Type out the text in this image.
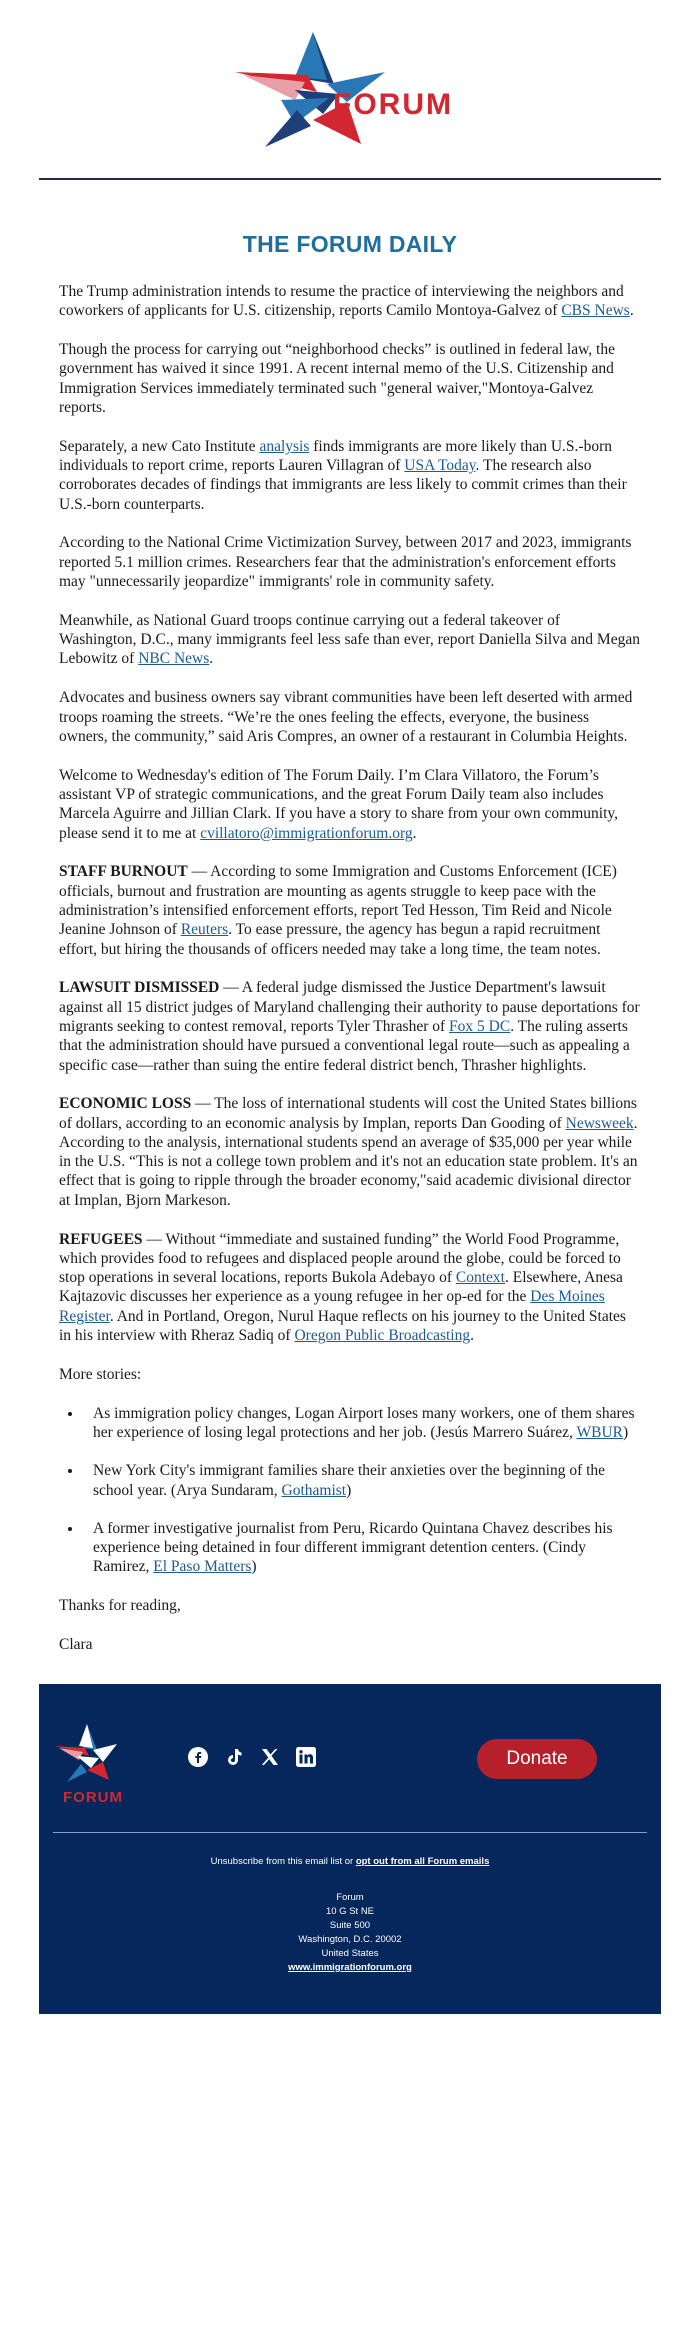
FORUM
THE FORUM DAILY

The Trump administration intends to resume the practice of interviewing the neighbors and coworkers of applicants for U.S. citizenship, reports Camilo Montoya-Galvez of CBS News.

Though the process for carrying out “neighborhood checks” is outlined in federal law, the government has waived it since 1991. A recent internal memo of the U.S. Citizenship and Immigration Services immediately terminated such "general waiver,"Montoya-Galvez reports.

Separately, a new Cato Institute analysis finds immigrants are more likely than U.S.-born individuals to report crime, reports Lauren Villagran of USA Today. The research also corroborates decades of findings that immigrants are less likely to commit crimes than their U.S.-born counterparts.

According to the National Crime Victimization Survey, between 2017 and 2023, immigrants reported 5.1 million crimes. Researchers fear that the administration's enforcement efforts may "unnecessarily jeopardize" immigrants' role in community safety.

Meanwhile, as National Guard troops continue carrying out a federal takeover of Washington, D.C., many immigrants feel less safe than ever, report Daniella Silva and Megan Lebowitz of NBC News.

Advocates and business owners say vibrant communities have been left deserted with armed troops roaming the streets. “We’re the ones feeling the effects, everyone, the business owners, the community,” said Aris Compres, an owner of a restaurant in Columbia Heights.

Welcome to Wednesday's edition of The Forum Daily. I’m Clara Villatoro, the Forum’s assistant VP of strategic communications, and the great Forum Daily team also includes Marcela Aguirre and Jillian Clark. If you have a story to share from your own community, please send it to me at cvillatoro@immigrationforum.org.

STAFF BURNOUT — According to some Immigration and Customs Enforcement (ICE) officials, burnout and frustration are mounting as agents struggle to keep pace with the administration’s intensified enforcement efforts, report Ted Hesson, Tim Reid and Nicole Jeanine Johnson of Reuters. To ease pressure, the agency has begun a rapid recruitment effort, but hiring the thousands of officers needed may take a long time, the team notes.

LAWSUIT DISMISSED — A federal judge dismissed the Justice Department's lawsuit against all 15 district judges of Maryland challenging their authority to pause deportations for migrants seeking to contest removal, reports Tyler Thrasher of Fox 5 DC. The ruling asserts that the administration should have pursued a conventional legal route—such as appealing a specific case—rather than suing the entire federal district bench, Thrasher highlights.

ECONOMIC LOSS — The loss of international students will cost the United States billions of dollars, according to an economic analysis by Implan, reports Dan Gooding of Newsweek. According to the analysis, international students spend an average of $35,000 per year while in the U.S. “This is not a college town problem and it's not an education state problem. It's an effect that is going to ripple through the broader economy,"said academic divisional director at Implan, Bjorn Markeson.

REFUGEES — Without “immediate and sustained funding” the World Food Programme, which provides food to refugees and displaced people around the globe, could be forced to stop operations in several locations, reports Bukola Adebayo of Context. Elsewhere, Anesa Kajtazovic discusses her experience as a young refugee in her op-ed for the Des Moines Register. And in Portland, Oregon, Nurul Haque reflects on his journey to the United States in his interview with Rheraz Sadiq of Oregon Public Broadcasting.

More stories:

• As immigration policy changes, Logan Airport loses many workers, one of them shares her experience of losing legal protections and her job. (Jesús Marrero Suárez, WBUR)
• New York City's immigrant families share their anxieties over the beginning of the school year. (Arya Sundaram, Gothamist)
• A former investigative journalist from Peru, Ricardo Quintana Chavez describes his experience being detained in four different immigrant detention centers. (Cindy Ramirez, El Paso Matters)

Thanks for reading,

Clara

FORUM
Donate
Unsubscribe from this email list or opt out from all Forum emails
Forum
10 G St NE
Suite 500
Washington, D.C. 20002
United States
www.immigrationforum.org
